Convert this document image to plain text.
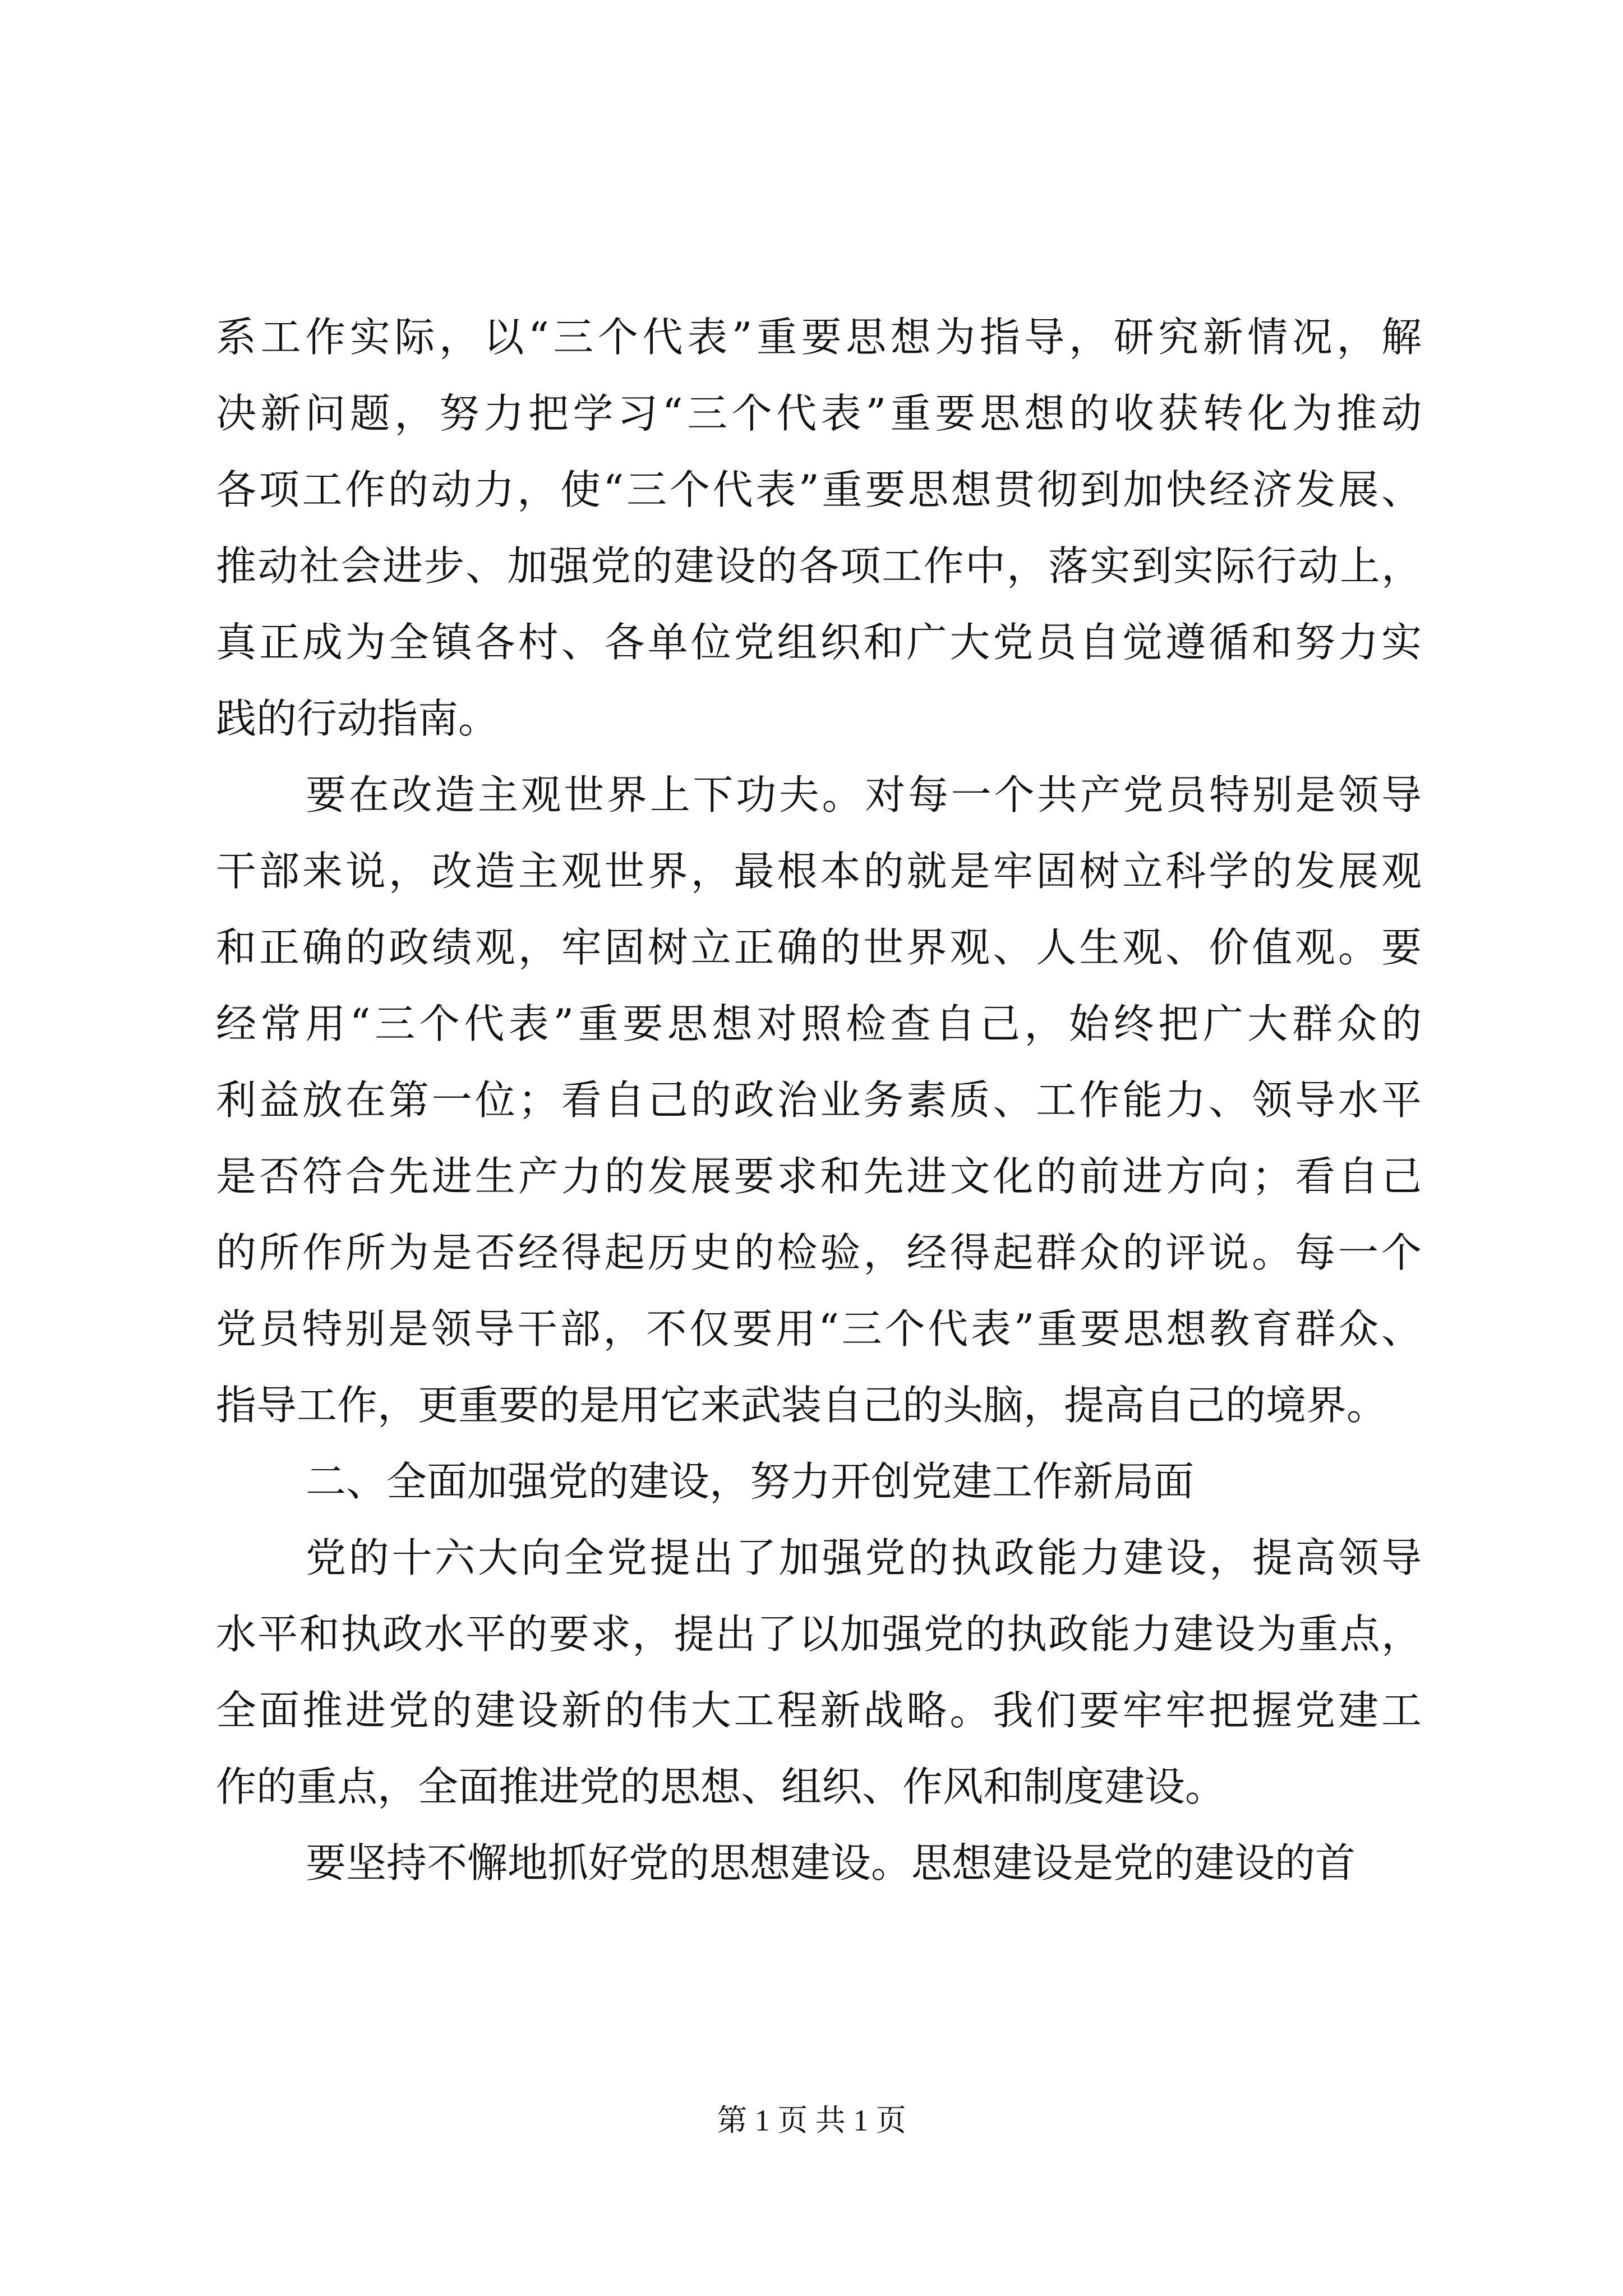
系工作实际，以“三个代表”重要思想为指导，研究新情况，解
决新问题，努力把学习“三个代表”重要思想的收获转化为推动
各项工作的动力，使“三个代表”重要思想贯彻到加快经济发展、
推动社会进步、加强党的建设的各项工作中，落实到实际行动上，
真正成为全镇各村、各单位党组织和广大党员自觉遵循和努力实
践的行动指南。
要在改造主观世界上下功夫。对每一个共产党员特别是领导
干部来说，改造主观世界，最根本的就是牢固树立科学的发展观
和正确的政绩观，牢固树立正确的世界观、人生观、价值观。要
经常用“三个代表”重要思想对照检查自己，始终把广大群众的
利益放在第一位；看自己的政治业务素质、工作能力、领导水平
是否符合先进生产力的发展要求和先进文化的前进方向；看自己
的所作所为是否经得起历史的检验，经得起群众的评说。每一个
党员特别是领导干部，不仅要用“三个代表”重要思想教育群众、
指导工作，更重要的是用它来武装自己的头脑，提高自己的境界。
二、全面加强党的建设，努力开创党建工作新局面
党的十六大向全党提出了加强党的执政能力建设，提高领导
水平和执政水平的要求，提出了以加强党的执政能力建设为重点，
全面推进党的建设新的伟大工程新战略。我们要牢牢把握党建工
作的重点，全面推进党的思想、组织、作风和制度建设。
要坚持不懈地抓好党的思想建设。思想建设是党的建设的首
第 1 页 共 1 页
